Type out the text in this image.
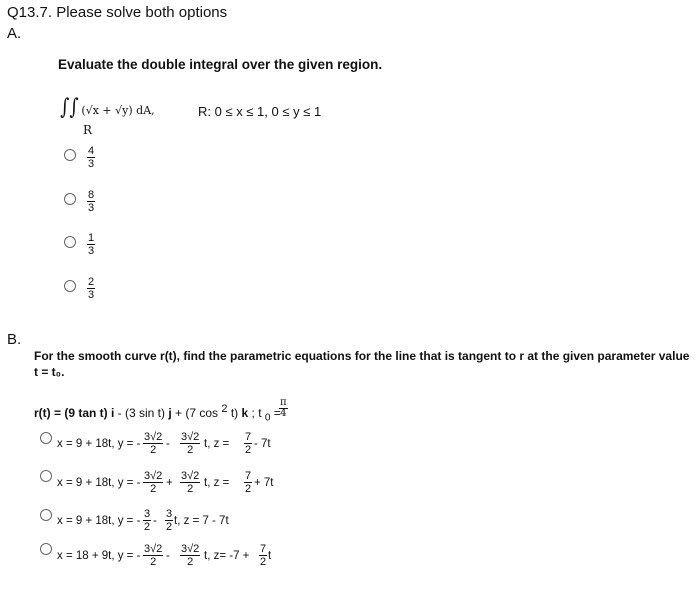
Q13.7. Please solve both options
A.
Evaluate the double integral over the given region.
∫∫ (√x + √y) dA,
R
R: 0 ≤ x ≤ 1, 0 ≤ y ≤ 1
$\frac{4}{3}$
$\frac{8}{3}$
$\frac{1}{3}$
$\frac{2}{3}$
B.
For the smooth curve r(t), find the parametric equations for the line that is tangent to r at the given parameter value t = t₀.
r(t) = (9 tan t) i - (3 sin t) j + (7 cos $^2$ t) k ; t $_0$ =
$\frac{\pi}{4}$
x = 9 + 18t, y = - $\frac{3√2}{2} - \frac{3√2}{2} t$, $z = \frac{7}{2} - 7t$
x = 9 + 18t, y = - $\frac{3√2}{2} + \frac{3√2}{2} t$, $z = \frac{7}{2} + 7t$
x = 9 + 18t, y = - $\frac{3}{2} - \frac{3}{2} t$, z = 7 - 7t
x = 18 + 9t, y = - $\frac{3√2}{2} - \frac{3√2}{2} t$, $z= -7 + \frac{7}{2}$ t
